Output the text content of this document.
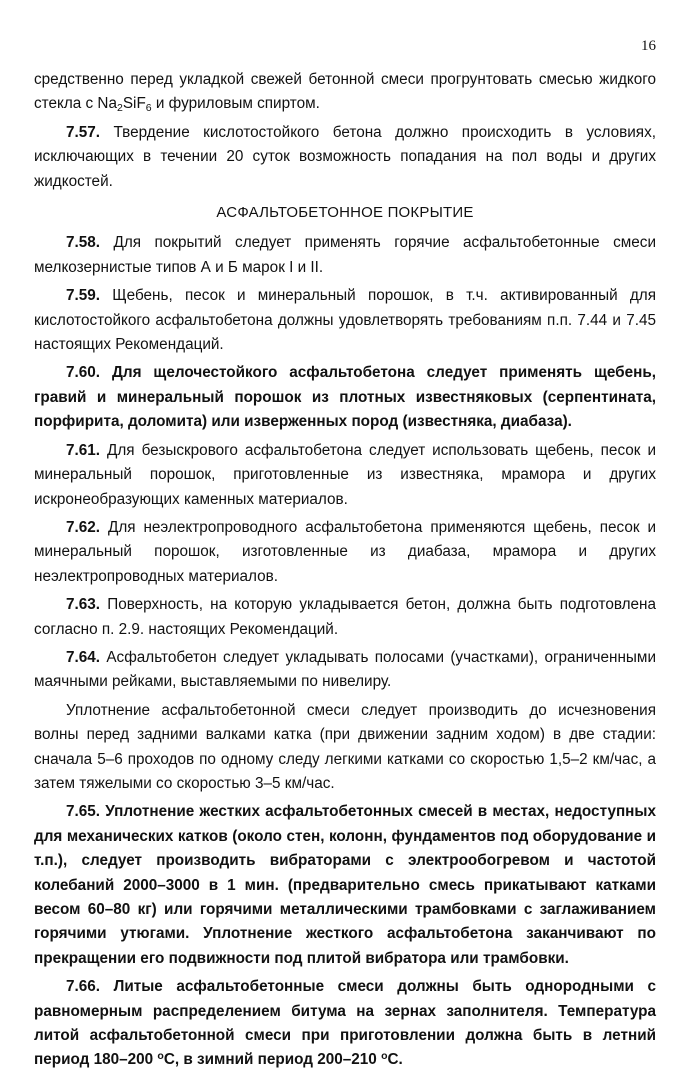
16

средственно перед укладкой свежей бетонной смеси прогрунтовать смесью жидкого стекла с $Na_2SiF_6$ и фуриловым спиртом.

7.57. Твердение кислотостойкого бетона должно происходить в условиях, исключающих в течении 20 суток возможность попадания на пол воды и других жидкостей.

АСФАЛЬТОБЕТОННОЕ ПОКРЫТИЕ

7.58. Для покрытий следует применять горячие асфальтобетонные смеси мелкозернистые типов А и Б марок I и II.

7.59. Щебень, песок и минеральный порошок, в т.ч. активированный для кислотостойкого асфальтобетона должны удовлетворять требованиям п.п. 7.44 и 7.45 настоящих Рекомендаций.

7.60. Для щелочестойкого асфальтобетона следует применять щебень, гравий и минеральный порошок из плотных известняковых (серпентината, порфирита, доломита) или изверженных пород (известняка, диабаза).

7.61. Для безыскрового асфальтобетона следует использовать щебень, песок и минеральный порошок, приготовленные из известняка, мрамора и других искронеобразующих каменных материалов.

7.62. Для неэлектропроводного асфальтобетона применяются щебень, песок и минеральный порошок, изготовленные из диабаза, мрамора и других неэлектропроводных материалов.

7.63. Поверхность, на которую укладывается бетон, должна быть подготовлена согласно п. 2.9. настоящих Рекомендаций.

7.64. Асфальтобетон следует укладывать полосами (участками), ограниченными маячными рейками, выставляемыми по нивелиру.

Уплотнение асфальтобетонной смеси следует производить до исчезновения волны перед задними валками катка (при движении задним ходом) в две стадии: сначала 5–6 проходов по одному следу легкими катками со скоростью 1,5–2 км/час, а затем тяжелыми со скоростью 3–5 км/час.

7.65. Уплотнение жестких асфальтобетонных смесей в местах, недоступных для механических катков (около стен, колонн, фундаментов под оборудование и т.п.), следует производить вибраторами с электрообогревом и частотой колебаний 2000–3000 в 1 мин. (предварительно смесь прикатывают катками весом 60–80 кг) или горячими металлическими трамбовками с заглаживанием горячими утюгами. Уплотнение жесткого асфальтобетона заканчивают по прекращении его подвижности под плитой вибратора или трамбовки.

7.66. Литые асфальтобетонные смеси должны быть однородными с равномерным распределением битума на зернах заполнителя. Температура литой асфальтобетонной смеси при приготовлении должна быть в летний период 180–200 $^о$С, в зимний период 200–210 $^о$С.
